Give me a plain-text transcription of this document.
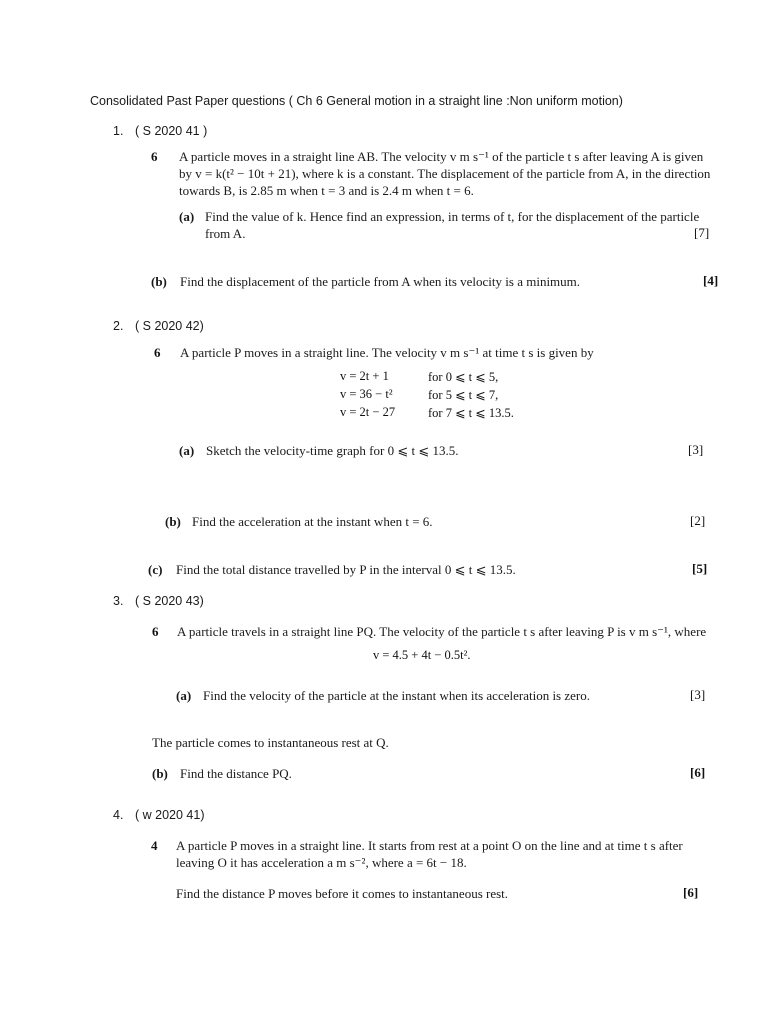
Consolidated Past Paper questions ( Ch 6 General motion in a straight line :Non uniform motion)
1. ( S 2020 41 )
6 A particle moves in a straight line AB. The velocity v m s⁻¹ of the particle t s after leaving A is given
by v = k(t² − 10t + 21), where k is a constant. The displacement of the particle from A, in the direction
towards B, is 2.85 m when t = 3 and is 2.4 m when t = 6.
(a) Find the value of k. Hence find an expression, in terms of t, for the displacement of the particle
from A.	[7]
(b) Find the displacement of the particle from A when its velocity is a minimum.	[4]
2. ( S 2020 42)
6 A particle P moves in a straight line. The velocity v m s⁻¹ at time t s is given by
v = 2t + 1	for 0 ⩽ t ⩽ 5,
v = 36 − t²	for 5 ⩽ t ⩽ 7,
v = 2t − 27	for 7 ⩽ t ⩽ 13.5.
(a) Sketch the velocity-time graph for 0 ⩽ t ⩽ 13.5.	[3]
(b) Find the acceleration at the instant when t = 6.	[2]
(c) Find the total distance travelled by P in the interval 0 ⩽ t ⩽ 13.5.	[5]
3. ( S 2020 43)
6 A particle travels in a straight line PQ. The velocity of the particle t s after leaving P is v m s⁻¹, where
v = 4.5 + 4t − 0.5t².
(a) Find the velocity of the particle at the instant when its acceleration is zero.	[3]
The particle comes to instantaneous rest at Q.
(b) Find the distance PQ.	[6]
4. ( w 2020 41)
4 A particle P moves in a straight line. It starts from rest at a point O on the line and at time t s after
leaving O it has acceleration a m s⁻², where a = 6t − 18.
Find the distance P moves before it comes to instantaneous rest.	[6]
